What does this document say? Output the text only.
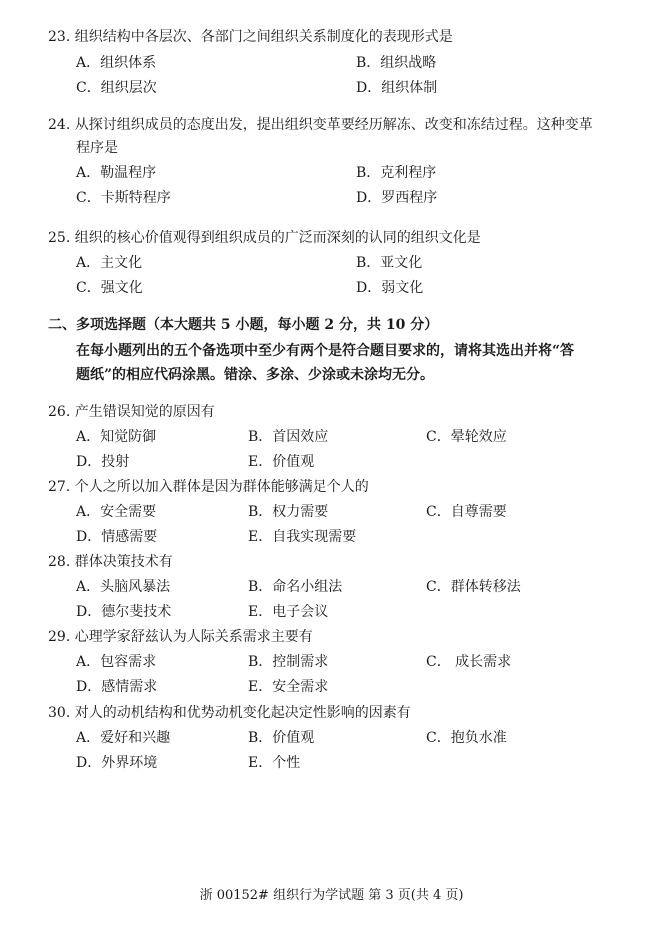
23. 组织结构中各层次、各部门之间组织关系制度化的表现形式是
A．组织体系	B．组织战略
C．组织层次	D．组织体制
24. 从探讨组织成员的态度出发，提出组织变革要经历解冻、改变和冻结过程。这种变革
程序是
A．勒温程序	B．克利程序
C．卡斯特程序	D．罗西程序
25. 组织的核心价值观得到组织成员的广泛而深刻的认同的组织文化是
A．主文化	B．亚文化
C．强文化	D．弱文化
二、多项选择题（本大题共 5 小题，每小题 2 分，共 10 分）
在每小题列出的五个备选项中至少有两个是符合题目要求的，请将其选出并将“答
题纸”的相应代码涂黑。错涂、多涂、少涂或未涂均无分。
26. 产生错误知觉的原因有
A．知觉防御	B．首因效应	C．晕轮效应
D．投射	E．价值观
27. 个人之所以加入群体是因为群体能够满足个人的
A．安全需要	B．权力需要	C．自尊需要
D．情感需要	E．自我实现需要
28. 群体决策技术有
A．头脑风暴法	B．命名小组法	C．群体转移法
D．德尔斐技术	E．电子会议
29. 心理学家舒兹认为人际关系需求主要有
A．包容需求	B．控制需求	C． 成长需求
D．感情需求	E．安全需求
30. 对人的动机结构和优势动机变化起决定性影响的因素有
A．爱好和兴趣	B．价值观	C．抱负水准
D．外界环境	E．个性
浙 00152# 组织行为学试题 第 3 页(共 4 页)
